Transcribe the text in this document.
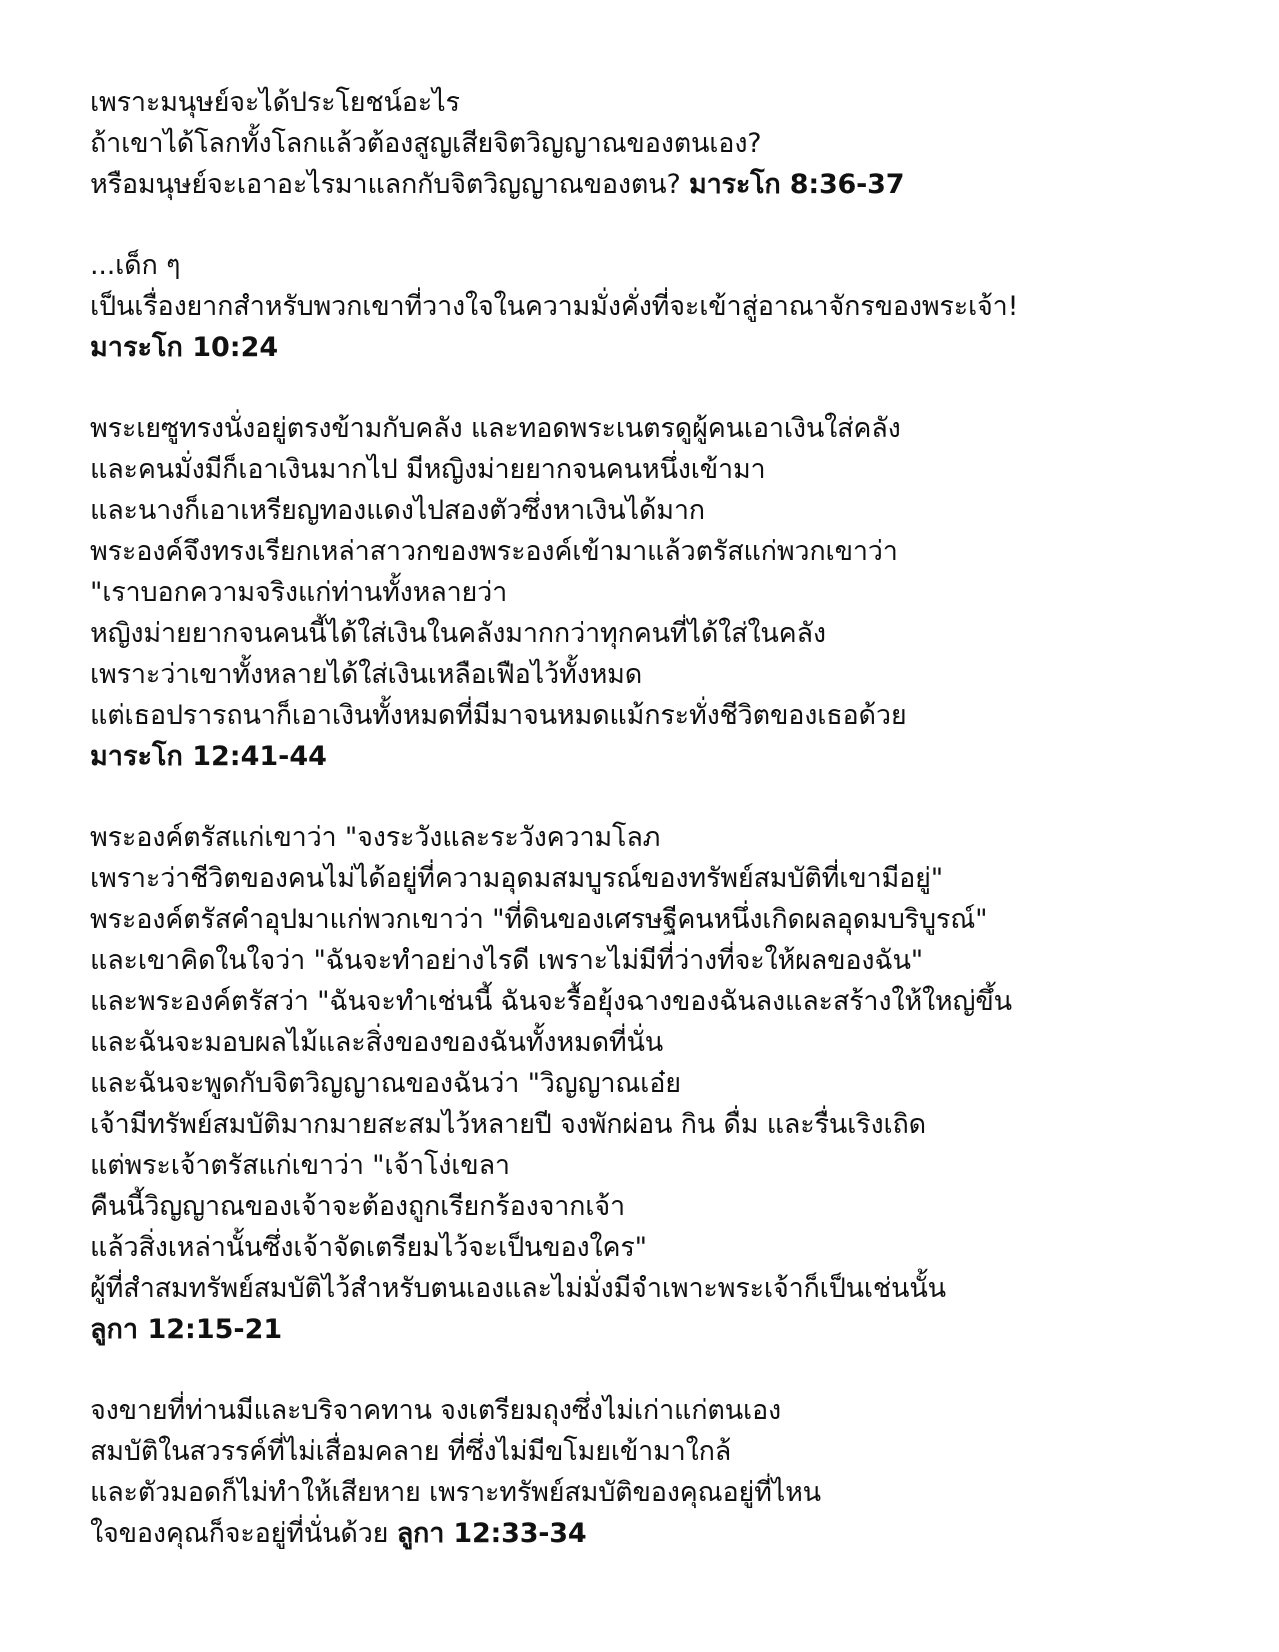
เพราะมนุษย์จะได้ประโยชน์อะไร
ถ้าเขาได้โลกทั้งโลกแล้วต้องสูญเสียจิตวิญญาณของตนเอง?
หรือมนุษย์จะเอาอะไรมาแลกกับจิตวิญญาณของตน? มาระโก 8:36-37
...เด็ก ๆ
เป็นเรื่องยากสำหรับพวกเขาที่วางใจในความมั่งคั่งที่จะเข้าสู่อาณาจักรของพระเจ้า!
มาระโก 10:24
พระเยซูทรงนั่งอยู่ตรงข้ามกับคลัง และทอดพระเนตรดูผู้คนเอาเงินใส่คลัง
และคนมั่งมีก็เอาเงินมากไป มีหญิงม่ายยากจนคนหนึ่งเข้ามา
และนางก็เอาเหรียญทองแดงไปสองตัวซึ่งหาเงินได้มาก
พระองค์จึงทรงเรียกเหล่าสาวกของพระองค์เข้ามาแล้วตรัสแก่พวกเขาว่า
"เราบอกความจริงแก่ท่านทั้งหลายว่า
หญิงม่ายยากจนคนนี้ได้ใส่เงินในคลังมากกว่าทุกคนที่ได้ใส่ในคลัง
เพราะว่าเขาทั้งหลายได้ใส่เงินเหลือเฟือไว้ทั้งหมด
แต่เธอปรารถนาก็เอาเงินทั้งหมดที่มีมาจนหมดแม้กระทั่งชีวิตของเธอด้วย
มาระโก 12:41-44
พระองค์ตรัสแก่เขาว่า "จงระวังและระวังความโลภ
เพราะว่าชีวิตของคนไม่ได้อยู่ที่ความอุดมสมบูรณ์ของทรัพย์สมบัติที่เขามีอยู่"
พระองค์ตรัสคำอุปมาแก่พวกเขาว่า "ที่ดินของเศรษฐีคนหนึ่งเกิดผลอุดมบริบูรณ์"
และเขาคิดในใจว่า "ฉันจะทำอย่างไรดี เพราะไม่มีที่ว่างที่จะให้ผลของฉัน"
และพระองค์ตรัสว่า "ฉันจะทำเช่นนี้ ฉันจะรื้อยุ้งฉางของฉันลงและสร้างให้ใหญ่ขึ้น
และฉันจะมอบผลไม้และสิ่งของของฉันทั้งหมดที่นั่น
และฉันจะพูดกับจิตวิญญาณของฉันว่า "วิญญาณเอ๋ย
เจ้ามีทรัพย์สมบัติมากมายสะสมไว้หลายปี จงพักผ่อน กิน ดื่ม และรื่นเริงเถิด
แต่พระเจ้าตรัสแก่เขาว่า "เจ้าโง่เขลา
คืนนี้วิญญาณของเจ้าจะต้องถูกเรียกร้องจากเจ้า
แล้วสิ่งเหล่านั้นซึ่งเจ้าจัดเตรียมไว้จะเป็นของใคร"
ผู้ที่สำสมทรัพย์สมบัติไว้สำหรับตนเองและไม่มั่งมีจำเพาะพระเจ้าก็เป็นเช่นนั้น
ลูกา 12:15-21
จงขายที่ท่านมีและบริจาคทาน จงเตรียมถุงซึ่งไม่เก่าแก่ตนเอง
สมบัติในสวรรค์ที่ไม่เสื่อมคลาย ที่ซึ่งไม่มีขโมยเข้ามาใกล้
และตัวมอดก็ไม่ทำให้เสียหาย เพราะทรัพย์สมบัติของคุณอยู่ที่ไหน
ใจของคุณก็จะอยู่ที่นั่นด้วย ลูกา 12:33-34
